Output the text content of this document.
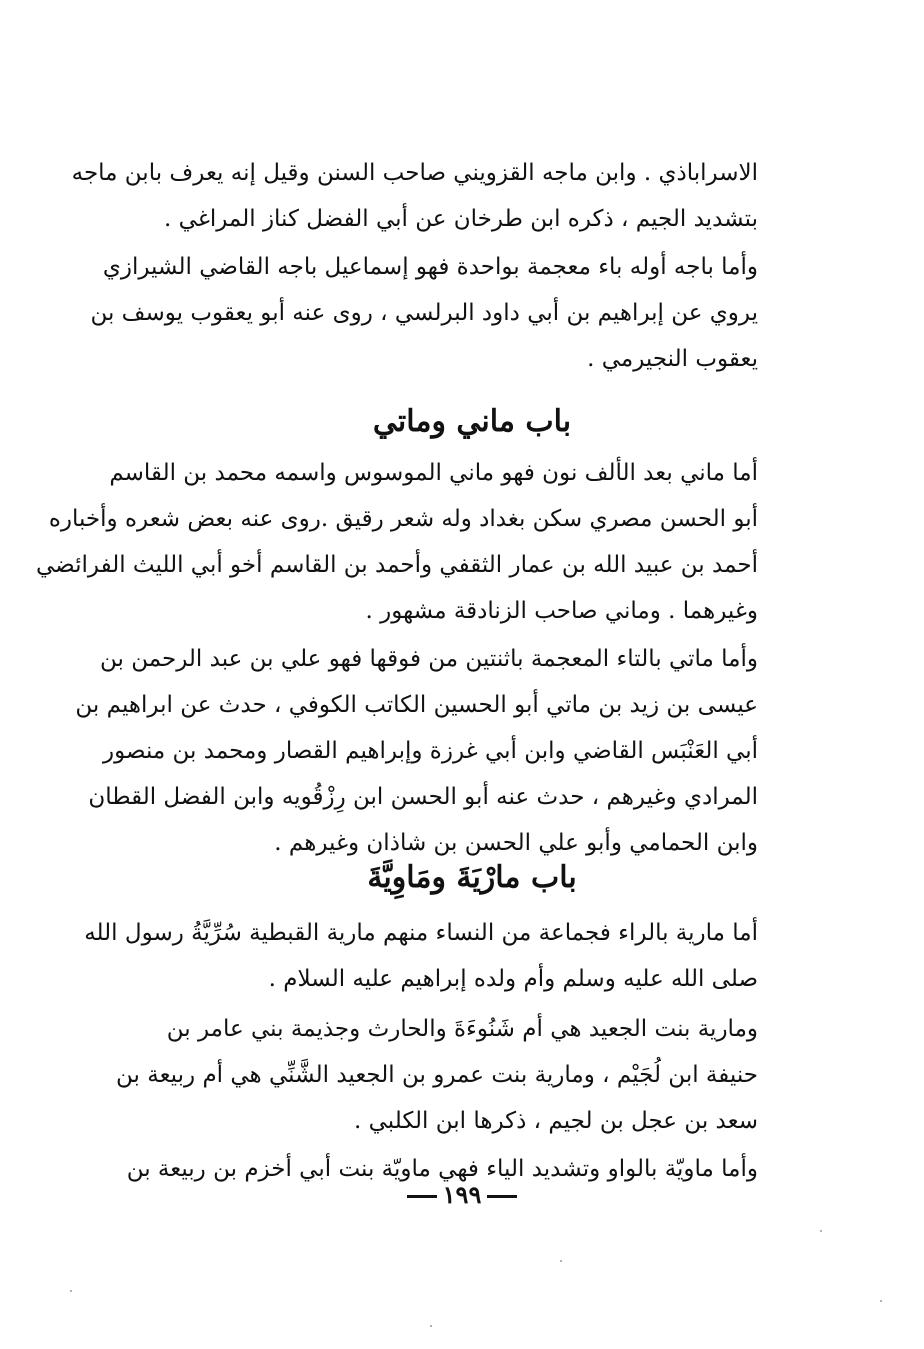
الاسرابا‌ذي . وابن ماجه القزويني صاحب السنن وقيل إنه يعرف بابن ماجه
بتشديد الجيم ، ذكره ابن طرخان عن أبي الفضل كناز المراغي .
وأما باجه أوله باء معجمة بواحدة فهو إسماعيل باجه القاضي الشيرازي
يروي عن إبراهيم بن أبي داود البرلسي ، روى عنه أبو يعقوب يوسف بن
يعقوب النجيرمي .
باب ماني وماتي
أما ماني بعد الألف نون فهو ماني الموسوس واسمه محمد بن القاسم
أبو الحسن مصري سكن بغداد وله شعر رقيق .روى عنه بعض شعره وأخباره
أحمد بن عبيد الله بن عمار الثقفي وأحمد بن القاسم أخو أبي الليث الفرائضي
وغيرهما . وماني صاحب الزنادقة مشهور .
وأما ماتي بالتاء المعجمة باثنتين من فوقها فهو علي بن عبد الرحمن بن
عيسى بن زيد بن ماتي أبو الحسين الكاتب الكوفي ، حدث عن ابراهيم بن
أبي العَنْبَس القاضي وابن أبي غرزة وإبراهيم القصار ومحمد بن منصور
المرادي وغيرهم ، حدث عنه أبو الحسن ابن رِزْقُويه وابن الفضل القطان
وابن الحمامي وأبو علي الحسن بن شاذان وغيرهم .
باب مارْيَةَ ومَاوِيَّةَ
أما مارية بالراء فجماعة من النساء منهم مارية القبطية سُرِّيَّةُ رسول الله
صلى الله عليه وسلم وأم ولده إبراهيم عليه السلام .
ومارية بنت الجعيد هي أم شَنُوءَةَ والحارث وجذيمة بني عامر بن
حنيفة ابن لُجَيْم ، ومارية بنت عمرو بن الجعيد الشَّنِّي هي أم ربيعة بن
سعد بن عجل بن لجيم ، ذكرها ابن الكلبي .
وأما ماويّة بالواو وتشديد الياء فهي ماويّة بنت أبي أخزم بن ربيعة بن
١٩٩
